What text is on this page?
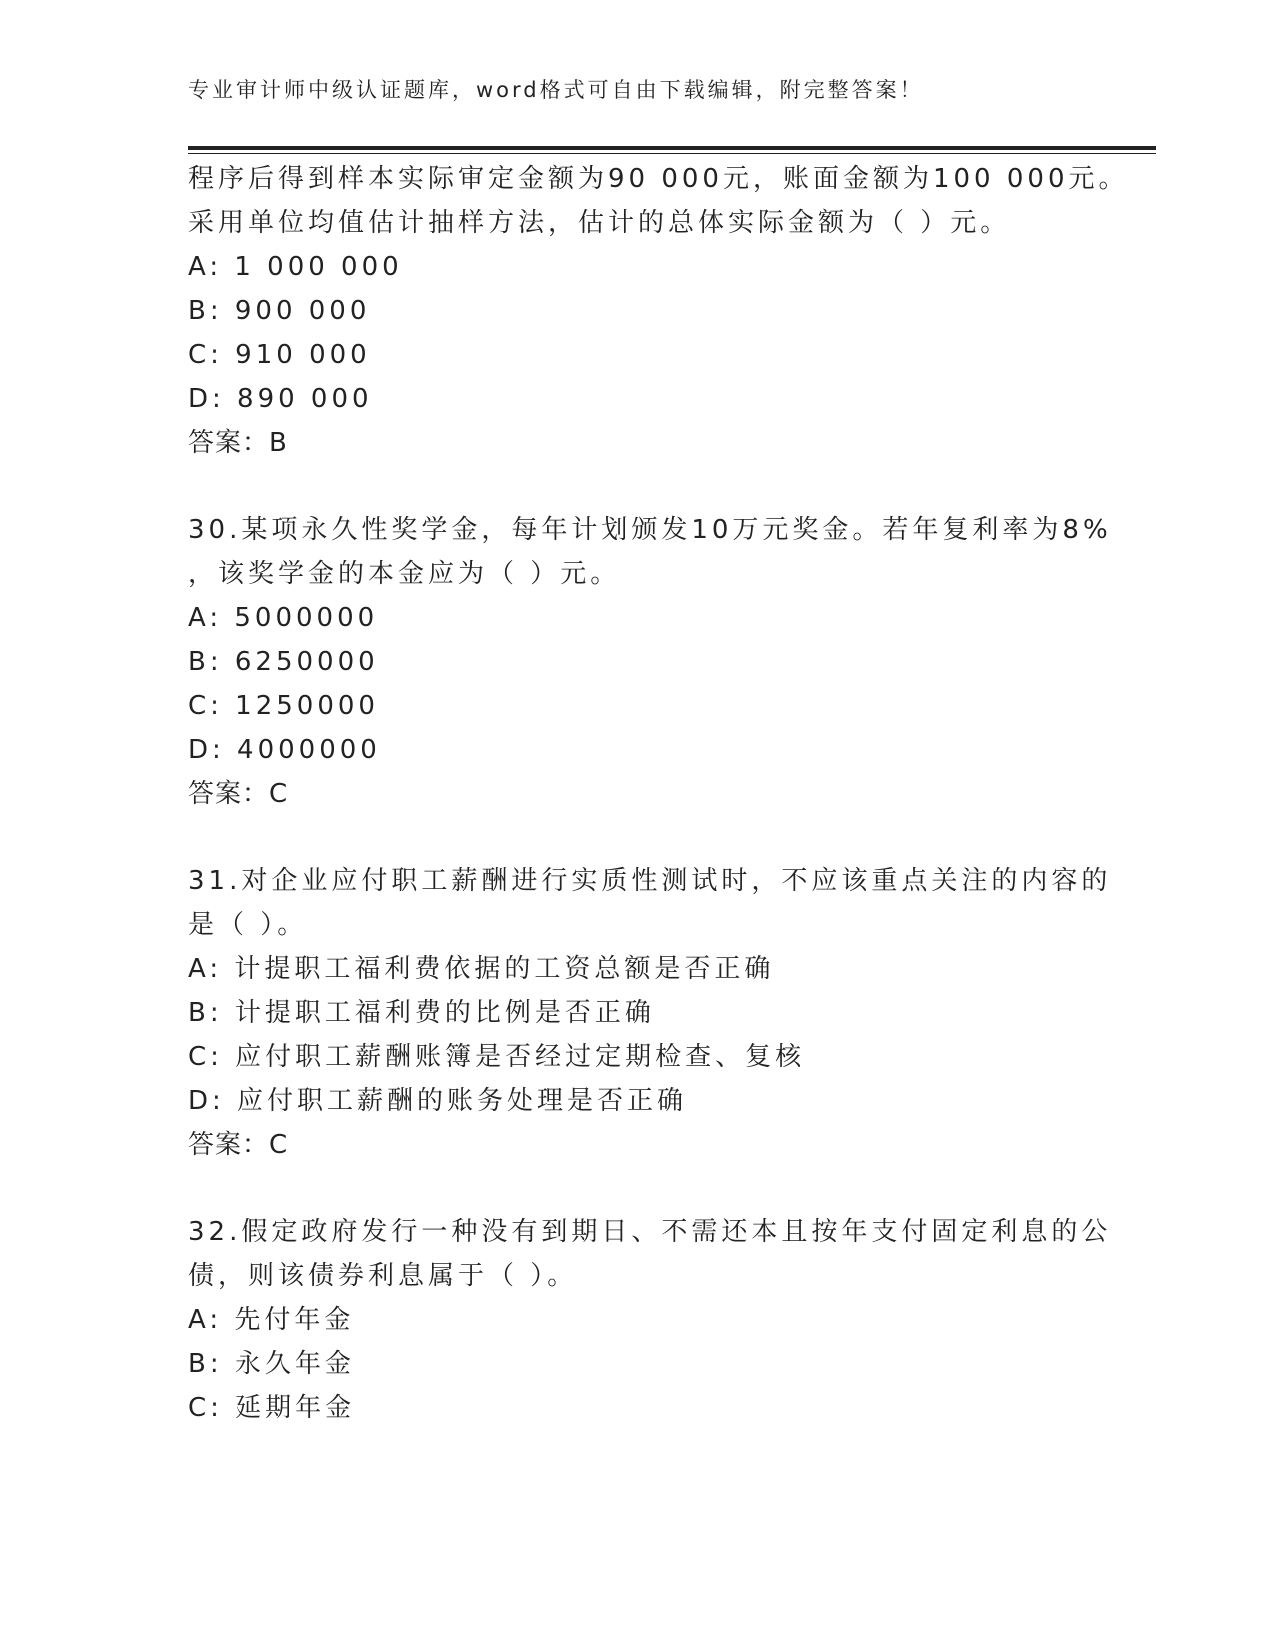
专业审计师中级认证题库，word格式可自由下载编辑，附完整答案！
程序后得到样本实际审定金额为90 000元，账面金额为100 000元。
采用单位均值估计抽样方法，估计的总体实际金额为（ ）元。
A: 1 000 000
B: 900 000
C: 910 000
D: 890 000
答案：B
30.某项永久性奖学金，每年计划颁发10万元奖金。若年复利率为8%
，该奖学金的本金应为（ ）元。
A: 5000000
B: 6250000
C: 1250000
D: 4000000
答案：C
31.对企业应付职工薪酬进行实质性测试时，不应该重点关注的内容的
是（ ）。
A: 计提职工福利费依据的工资总额是否正确
B: 计提职工福利费的比例是否正确
C: 应付职工薪酬账簿是否经过定期检查、复核
D: 应付职工薪酬的账务处理是否正确
答案：C
32.假定政府发行一种没有到期日、不需还本且按年支付固定利息的公
债，则该债券利息属于（ ）。
A: 先付年金
B: 永久年金
C: 延期年金
